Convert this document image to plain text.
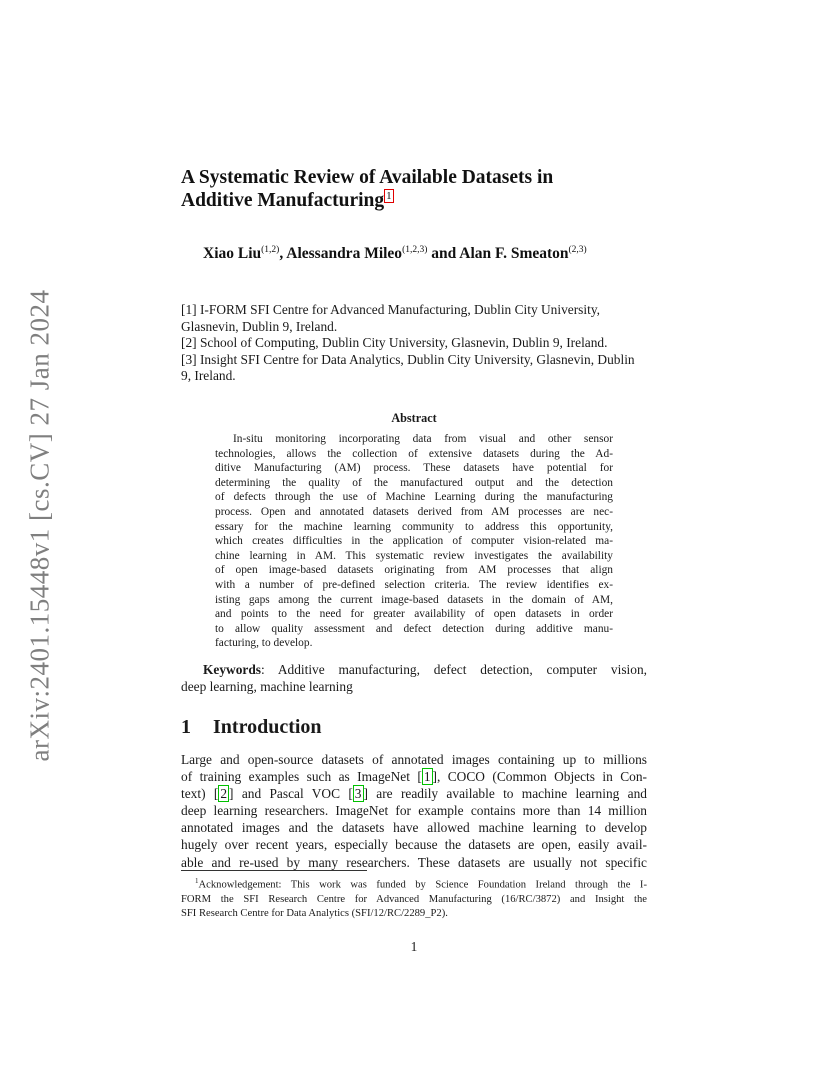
arXiv:2401.15448v1 [cs.CV] 27 Jan 2024
A Systematic Review of Available Datasets in
Additive Manufacturing $^1$
Xiao Liu$^{(1,2)}$, Alessandra Mileo$^{(1,2,3)}$ and Alan F. Smeaton$^{(2,3)}$
[1] I-FORM SFI Centre for Advanced Manufacturing, Dublin City University, Glasnevin, Dublin 9, Ireland.
[2] School of Computing, Dublin City University, Glasnevin, Dublin 9, Ireland.
[3] Insight SFI Centre for Data Analytics, Dublin City University, Glasnevin, Dublin 9, Ireland.
Abstract
In-situ monitoring incorporating data from visual and other sensor
technologies, allows the collection of extensive datasets during the Ad-
ditive Manufacturing (AM) process. These datasets have potential for
determining the quality of the manufactured output and the detection
of defects through the use of Machine Learning during the manufacturing
process. Open and annotated datasets derived from AM processes are nec-
essary for the machine learning community to address this opportunity,
which creates difficulties in the application of computer vision-related ma-
chine learning in AM. This systematic review investigates the availability
of open image-based datasets originating from AM processes that align
with a number of pre-defined selection criteria. The review identifies ex-
isting gaps among the current image-based datasets in the domain of AM,
and points to the need for greater availability of open datasets in order
to allow quality assessment and defect detection during additive manu-
facturing, to develop.
Keywords: Additive manufacturing, defect detection, computer vision,
deep learning, machine learning
1 Introduction
Large and open-source datasets of annotated images containing up to millions
of training examples such as ImageNet [ 1 ], COCO (Common Objects in Con-
text) [ 2 ] and Pascal VOC [ 3 ] are readily available to machine learning and
deep learning researchers. ImageNet for example contains more than 14 million
annotated images and the datasets have allowed machine learning to develop
hugely over recent years, especially because the datasets are open, easily avail-
able and re-used by many researchers. These datasets are usually not specific
$^1$Acknowledgement: This work was funded by Science Foundation Ireland through the I-
FORM the SFI Research Centre for Advanced Manufacturing (16/RC/3872) and Insight the
SFI Research Centre for Data Analytics (SFI/12/RC/2289_P2).
1
